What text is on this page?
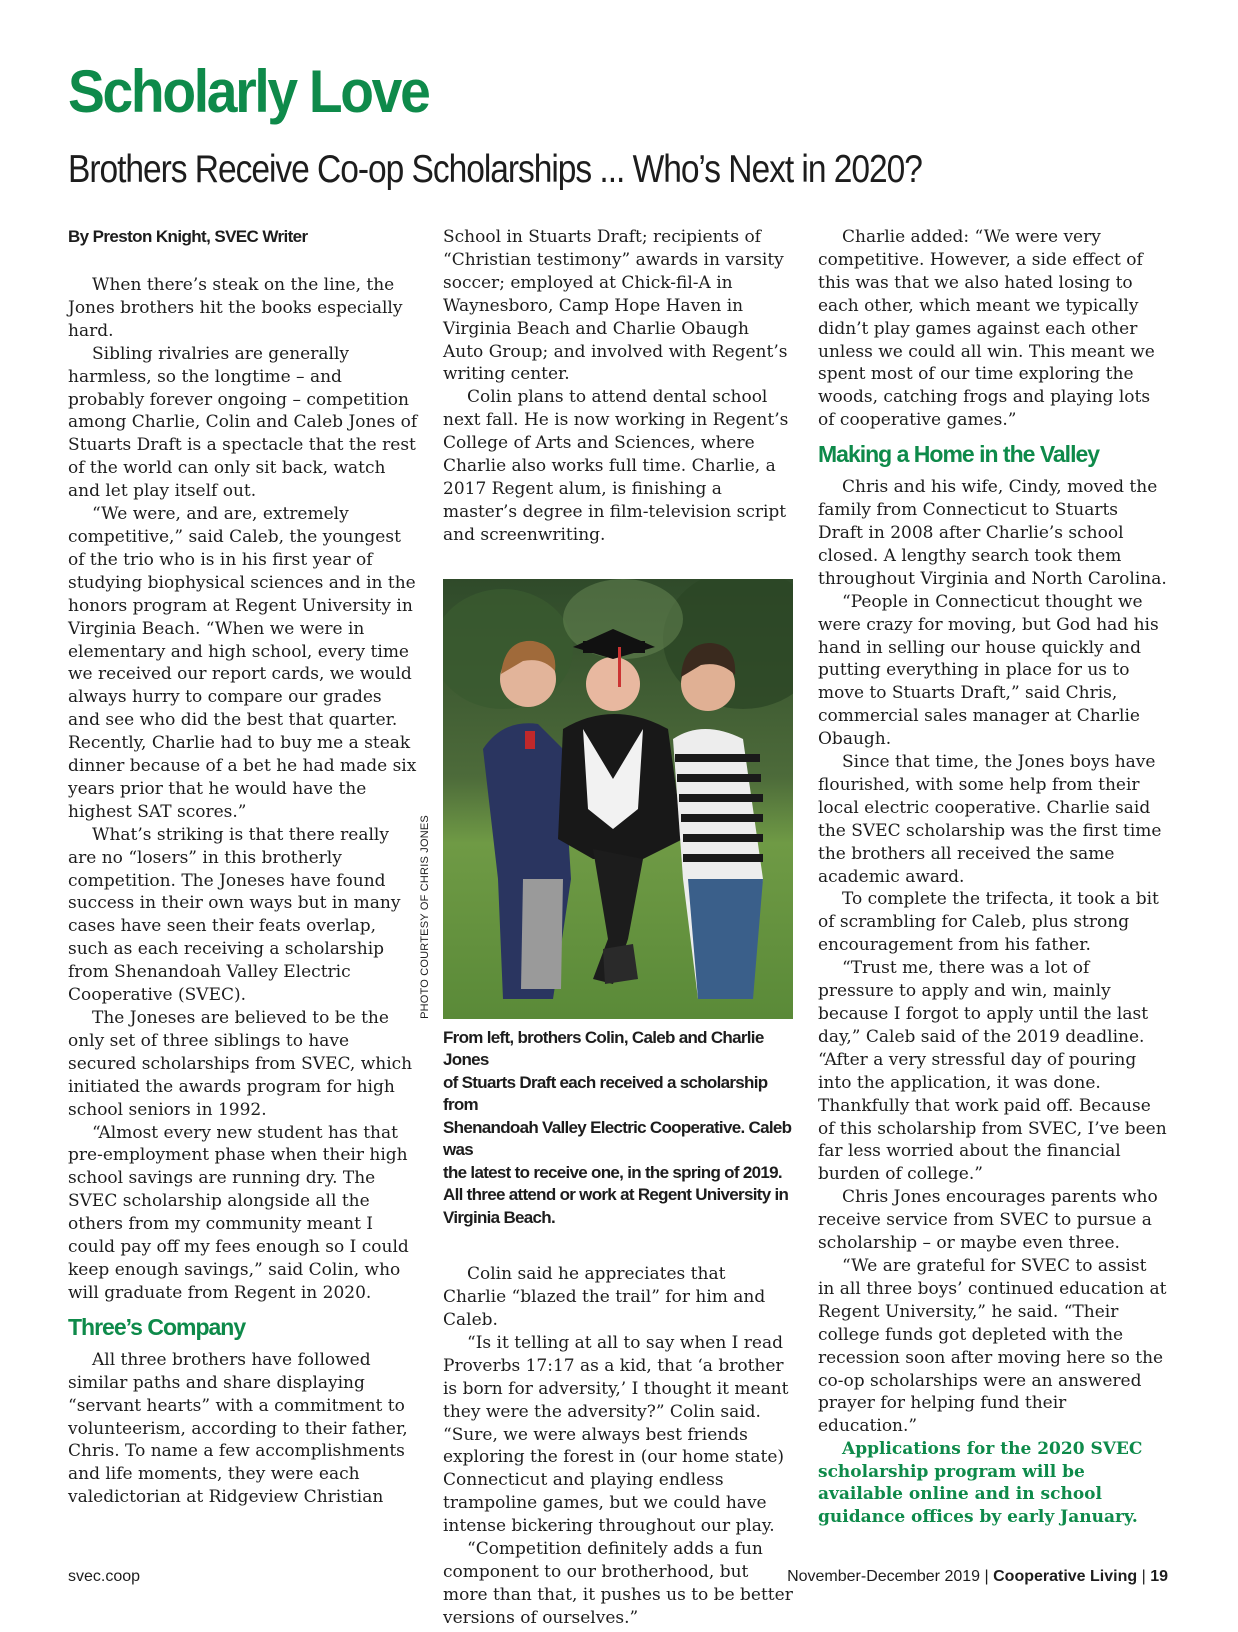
Scholarly Love
Brothers Receive Co-op Scholarships ... Who’s Next in 2020?
By Preston Knight, SVEC Writer

When there’s steak on the line, the Jones brothers hit the books especially hard.

Sibling rivalries are generally harmless, so the longtime – and probably forever ongoing – competition among Charlie, Colin and Caleb Jones of Stuarts Draft is a spectacle that the rest of the world can only sit back, watch and let play itself out.

“We were, and are, extremely competitive,” said Caleb, the youngest of the trio who is in his first year of studying biophysical sciences and in the honors program at Regent University in Virginia Beach. “When we were in elementary and high school, every time we received our report cards, we would always hurry to compare our grades and see who did the best that quarter. Recently, Charlie had to buy me a steak dinner because of a bet he had made six years prior that he would have the highest SAT scores.”

What’s striking is that there really are no “losers” in this brotherly competition. The Joneses have found success in their own ways but in many cases have seen their feats overlap, such as each receiving a scholarship from Shenandoah Valley Electric Cooperative (SVEC).

The Joneses are believed to be the only set of three siblings to have secured scholarships from SVEC, which initiated the awards program for high school seniors in 1992.

“Almost every new student has that pre-employment phase when their high school savings are running dry. The SVEC scholarship alongside all the others from my community meant I could pay off my fees enough so I could keep enough savings,” said Colin, who will graduate from Regent in 2020.

Three’s Company

All three brothers have followed similar paths and share displaying “servant hearts” with a commitment to volunteerism, according to their father, Chris. To name a few accomplishments and life moments, they were each valedictorian at Ridgeview Christian

School in Stuarts Draft; recipients of “Christian testimony” awards in varsity soccer; employed at Chick-fil-A in Waynesboro, Camp Hope Haven in Virginia Beach and Charlie Obaugh Auto Group; and involved with Regent’s writing center.

Colin plans to attend dental school next fall. He is now working in Regent’s College of Arts and Sciences, where Charlie also works full time. Charlie, a 2017 Regent alum, is finishing a master’s degree in film-television script and screenwriting.

PHOTO COURTESY OF CHRIS JONES
From left, brothers Colin, Caleb and Charlie Jones
of Stuarts Draft each received a scholarship from
Shenandoah Valley Electric Cooperative. Caleb was
the latest to receive one, in the spring of 2019.
All three attend or work at Regent University in
Virginia Beach.

Colin said he appreciates that Charlie “blazed the trail” for him and Caleb.

“Is it telling at all to say when I read Proverbs 17:17 as a kid, that ‘a brother is born for adversity,’ I thought it meant they were the adversity?” Colin said. “Sure, we were always best friends exploring the forest in (our home state) Connecticut and playing endless trampoline games, but we could have intense bickering throughout our play.

“Competition definitely adds a fun component to our brotherhood, but more than that, it pushes us to be better versions of ourselves.”

Charlie added: “We were very competitive. However, a side effect of this was that we also hated losing to each other, which meant we typically didn’t play games against each other unless we could all win. This meant we spent most of our time exploring the woods, catching frogs and playing lots of cooperative games.”

Making a Home in the Valley

Chris and his wife, Cindy, moved the family from Connecticut to Stuarts Draft in 2008 after Charlie’s school closed. A lengthy search took them throughout Virginia and North Carolina.

“People in Connecticut thought we were crazy for moving, but God had his hand in selling our house quickly and putting everything in place for us to move to Stuarts Draft,” said Chris, commercial sales manager at Charlie Obaugh.

Since that time, the Jones boys have flourished, with some help from their local electric cooperative. Charlie said the SVEC scholarship was the first time the brothers all received the same academic award.

To complete the trifecta, it took a bit of scrambling for Caleb, plus strong encouragement from his father.

“Trust me, there was a lot of pressure to apply and win, mainly because I forgot to apply until the last day,” Caleb said of the 2019 deadline. “After a very stressful day of pouring into the application, it was done. Thankfully that work paid off. Because of this scholarship from SVEC, I’ve been far less worried about the financial burden of college.”

Chris Jones encourages parents who receive service from SVEC to pursue a scholarship – or maybe even three.

“We are grateful for SVEC to assist in all three boys’ continued education at Regent University,” he said. “Their college funds got depleted with the recession soon after moving here so the co-op scholarships were an answered prayer for helping fund their education.”

Applications for the 2020 SVEC scholarship program will be available online and in school guidance offices by early January.

svec.coop	November-December 2019 | Cooperative Living | 19
